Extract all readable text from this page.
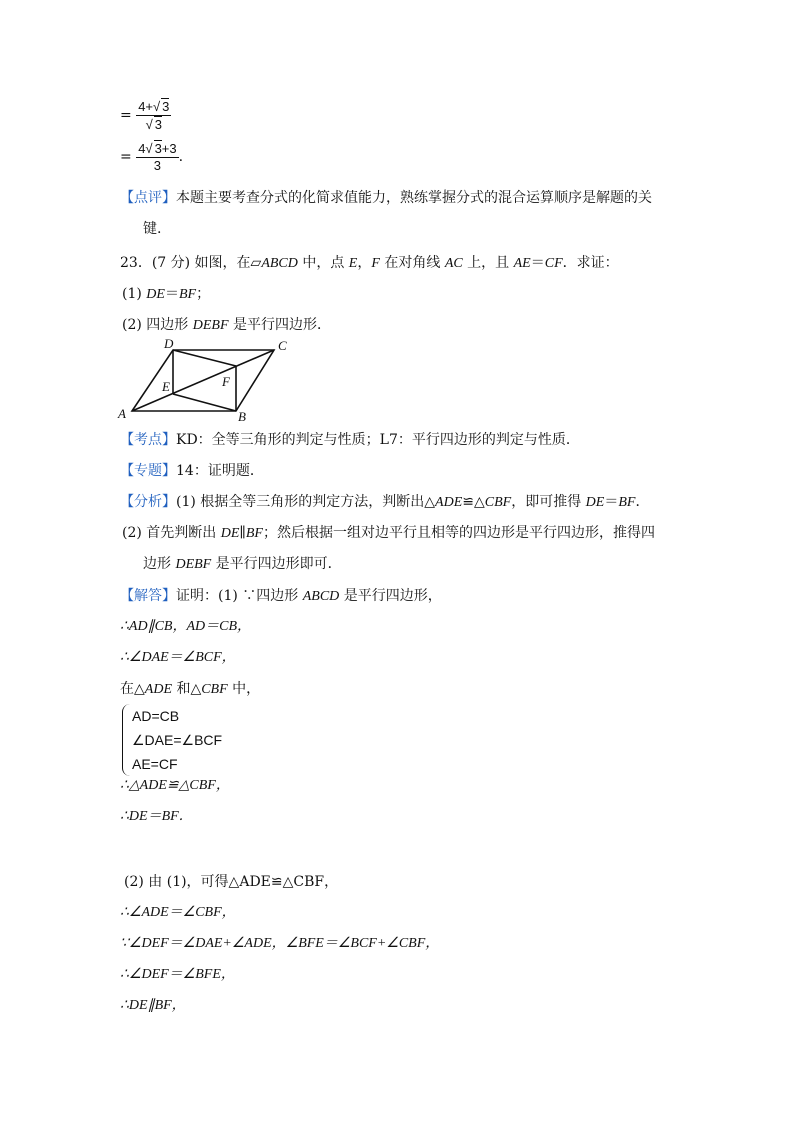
= $\frac{4+√ 3}{√ 3}$
= $\frac{4√ 3+3}{3}$ .
【点评】本题主要考查分式的化简求值能力，熟练掌握分式的混合运算顺序是解题的关
键.
23．(7 分) 如图，在▱ABCD 中，点 E，F 在对角线 AC 上，且 AE＝CF．求证：
(1) DE＝BF；
(2) 四边形 DEBF 是平行四边形．
A	B
C
D
E	F
【考点】KD：全等三角形的判定与性质；L7：平行四边形的判定与性质．
【专题】14：证明题．
【分析】(1) 根据全等三角形的判定方法，判断出△ADE≌△CBF，即可推得 DE＝BF．
(2) 首先判断出 DE∥BF；然后根据一组对边平行且相等的四边形是平行四边形，推得四
边形 DEBF 是平行四边形即可．
【解答】证明：(1) ∵四边形 ABCD 是平行四边形，
∴AD∥CB，AD＝CB，
∴∠DAE＝∠BCF，
在△ADE 和△CBF 中，
AD=CB
∠DAE=∠BCF
AE=CF
∴△ADE≌△CBF，
∴DE＝BF．
(2) 由 (1)，可得△ADE≌△CBF，
∴∠ADE＝∠CBF，
∵∠DEF＝∠DAE+∠ADE，∠BFE＝∠BCF+∠CBF，
∴∠DEF＝∠BFE，
∴DE∥BF，
